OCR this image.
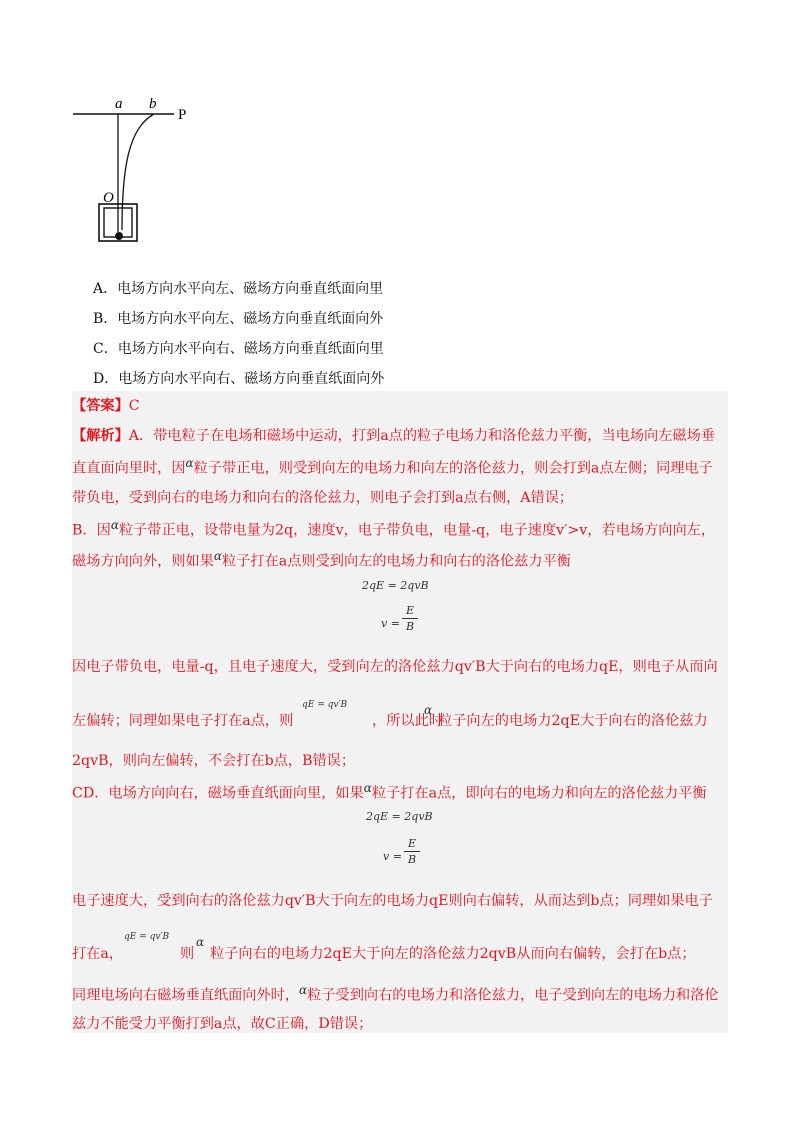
a b
P
O
A．电场方向水平向左、磁场方向垂直纸面向里
B．电场方向水平向左、磁场方向垂直纸面向外
C．电场方向水平向右、磁场方向垂直纸面向里
D．电场方向水平向右、磁场方向垂直纸面向外
【答案】C
【解析】A．带电粒子在电场和磁场中运动，打到a点的粒子电场力和洛伦兹力平衡，当电场向左磁场垂
直直面向里时，因$^\alpha$粒子带正电，则受到向左的电场力和向左的洛伦兹力，则会打到a点左侧；同理电子
带负电，受到向右的电场力和向右的洛伦兹力，则电子会打到a点右侧，A错误；
B．因$^\alpha$粒子带正电，设带电量为2q，速度v，电子带负电，电量-q，电子速度v′>v，若电场方向向左，
磁场方向向外，则如果$^\alpha$粒子打在a点则受到向左的电场力和向右的洛伦兹力平衡
2qE = 2qvB
v =
E
B
因电子带负电，电量-q，且电子速度大，受到向左的洛伦兹力qv′B大于向右的电场力qE，则电子从而向
左偏转；同理如果电子打在a点，则
qE = qv′B
，所以此时
α
粒子向左的电场力2qE大于向右的洛伦兹力
2qvB，则向左偏转，不会打在b点，B错误；
CD．电场方向向右，磁场垂直纸面向里，如果$^\alpha$粒子打在a点，即向右的电场力和向左的洛伦兹力平衡
2qE = 2qvB
v =
E
B
电子速度大，受到向右的洛伦兹力qv′B大于向左的电场力qE则向右偏转，从而达到b点；同理如果电子
打在a，
qE = qv′B
则
α
粒子向右的电场力2qE大于向左的洛伦兹力2qvB从而向右偏转，会打在b点；
同理电场向右磁场垂直纸面向外时，$^\alpha$粒子受到向右的电场力和洛伦兹力，电子受到向左的电场力和洛伦
兹力不能受力平衡打到a点，故C正确，D错误；
